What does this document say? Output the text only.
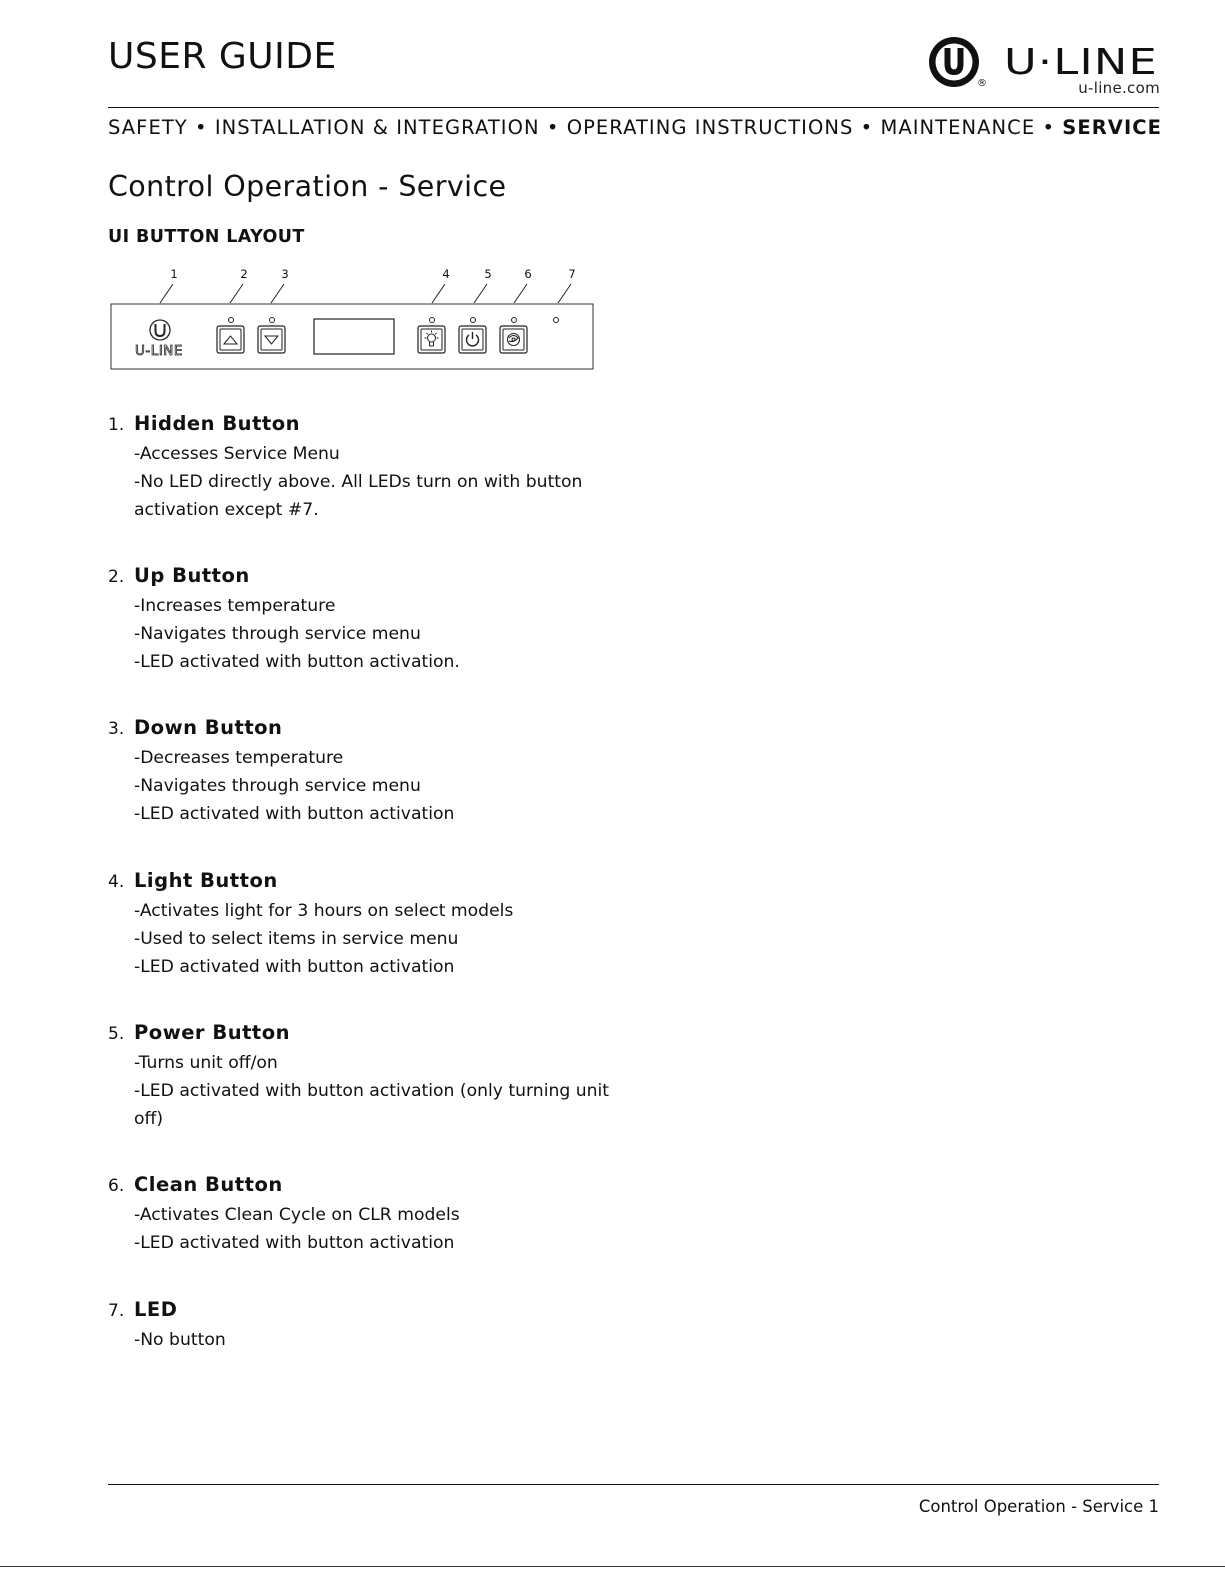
USER GUIDE
®
U·LINE
u-line.com
SAFETY • INSTALLATION & INTEGRATION • OPERATING INSTRUCTIONS • MAINTENANCE • SERVICE
Control Operation - Service
UI BUTTON LAYOUT
1	2	3	4	5	6	7
U-LINE
1. Hidden Button
-Accesses Service Menu
-No LED directly above. All LEDs turn on with button
activation except #7.
2. Up Button
-Increases temperature
-Navigates through service menu
-LED activated with button activation.
3. Down Button
-Decreases temperature
-Navigates through service menu
-LED activated with button activation
4. Light Button
-Activates light for 3 hours on select models
-Used to select items in service menu
-LED activated with button activation
5. Power Button
-Turns unit off/on
-LED activated with button activation (only turning unit
off)
6. Clean Button
-Activates Clean Cycle on CLR models
-LED activated with button activation
7. LED
-No button
Control Operation - Service 1
